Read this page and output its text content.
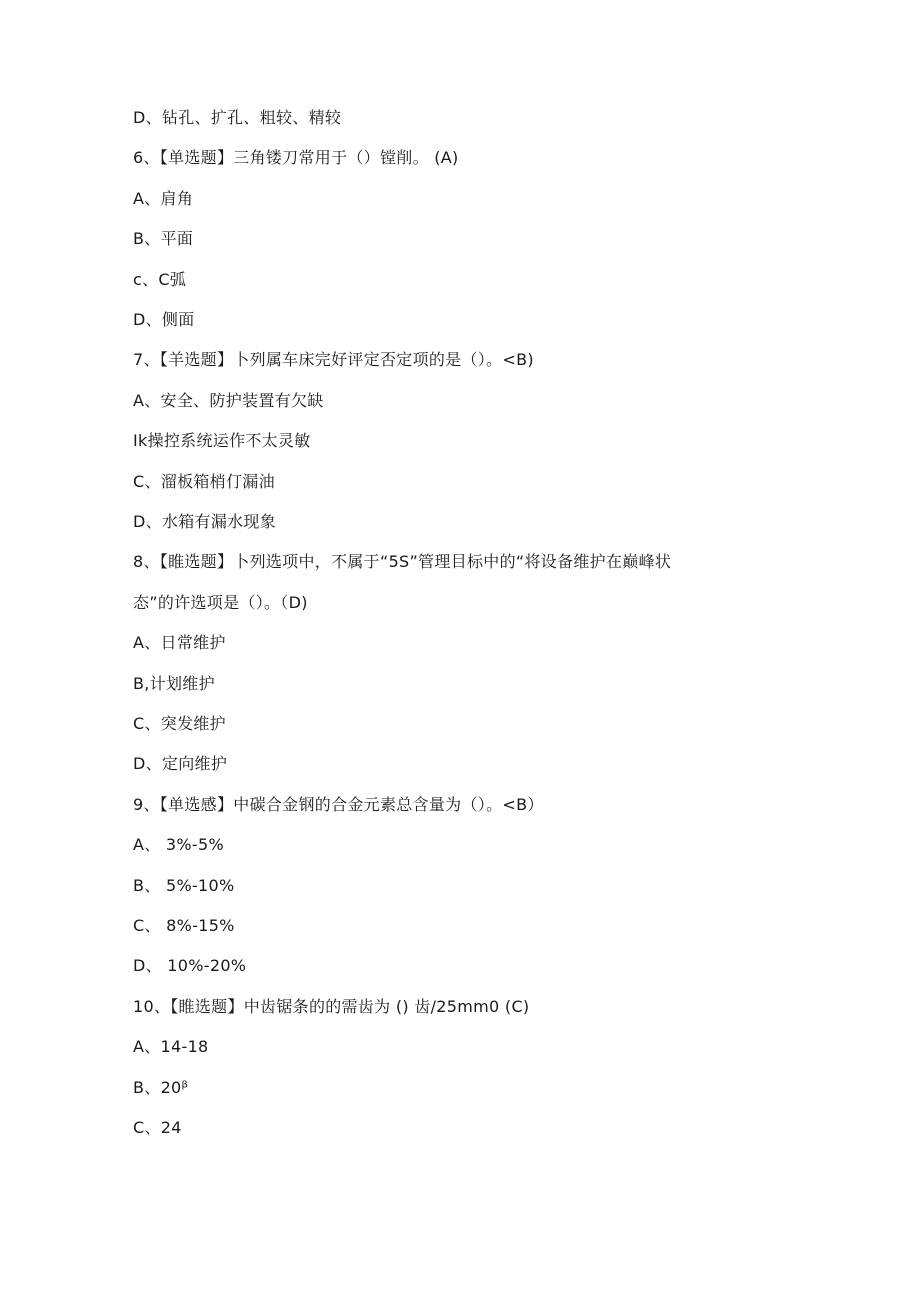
D、钻孔、扩孔、粗较、精较
6、【单选题】三角镂刀常用于（）镗削。 (A)
A、肩角
B、平面
c、C弧
D、侧面
7、【羊选题】卜列属车床完好评定否定项的是（）。<B)
A、安全、防护装置有欠缺
Ik操控系统运作不太灵敏
C、溜板箱梢仃漏油
D、水箱有漏水现象
8、【睢选题】卜列选项中，不属于“5S”管理目标中的“将设备维护在巅峰状
态”的许选项是（）。（D)
A、日常维护
B,计划维护
C、突发维护
D、定向维护
9、【单选感】中碳合金钢的合金元素总含量为（）。<B）
A、 3%-5%
B、 5%-10%
C、 8%-15%
D、 10%-20%
10、【睢选题】中齿锯条的的需齿为 () 齿/25mm0 (C)
A、14-18
B、20ᵝ
C、24
